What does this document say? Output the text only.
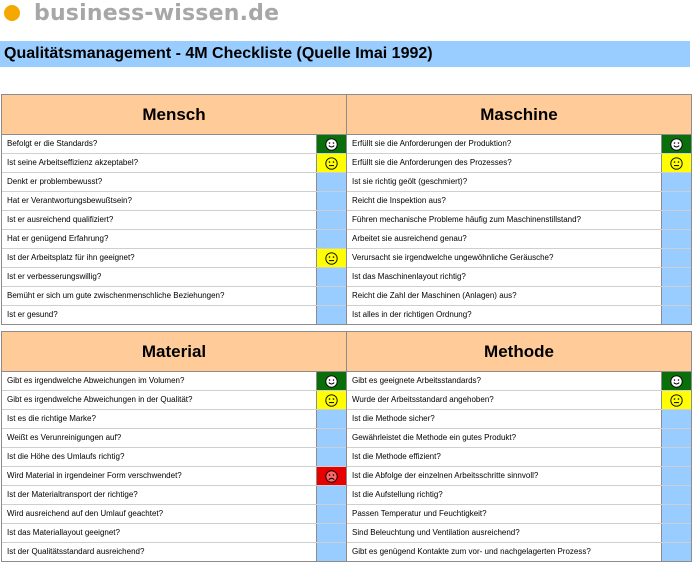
business-wissen.de
Qualitätsmanagement - 4M Checkliste (Quelle Imai 1992)
Mensch
Befolgt er die Standards?
Ist seine Arbeitseffizienz akzeptabel?
Denkt er problembewusst?
Hat er Verantwortungsbewußtsein?
Ist er ausreichend qualifiziert?
Hat er genügend Erfahrung?
Ist der Arbeitsplatz für ihn geeignet?
Ist er verbesserungswillig?
Bemüht er sich um gute zwischenmenschliche Beziehungen?
Ist er gesund?
Maschine
Erfüllt sie die Anforderungen der Produktion?
Erfüllt sie die Anforderungen des Prozesses?
Ist sie richtig geölt (geschmiert)?
Reicht die Inspektion aus?
Führen mechanische Probleme häufig zum Maschinenstillstand?
Arbeitet sie ausreichend genau?
Verursacht sie irgendwelche ungewöhnliche Geräusche?
Ist das Maschinenlayout richtig?
Reicht die Zahl der Maschinen (Anlagen) aus?
Ist alles in der richtigen Ordnung?
Material
Gibt es irgendwelche Abweichungen im Volumen?
Gibt es irgendwelche Abweichungen in der Qualität?
Ist es die richtige Marke?
Weißt es Verunreinigungen auf?
Ist die Höhe des Umlaufs richtig?
Wird Material in irgendeiner Form verschwendet?
Ist der Materialtransport der richtige?
Wird ausreichend auf den Umlauf geachtet?
Ist das Materiallayout geeignet?
Ist der Qualitätsstandard ausreichend?
Methode
Gibt es geeignete Arbeitsstandards?
Wurde der Arbeitsstandard angehoben?
Ist die Methode sicher?
Gewährleistet die Methode ein gutes Produkt?
Ist die Methode effizient?
Ist die Abfolge der einzelnen Arbeitsschritte sinnvoll?
Ist die Aufstellung richtig?
Passen Temperatur und Feuchtigkeit?
Sind Beleuchtung und Ventilation ausreichend?
Gibt es genügend Kontakte zum vor- und nachgelagerten Prozess?
